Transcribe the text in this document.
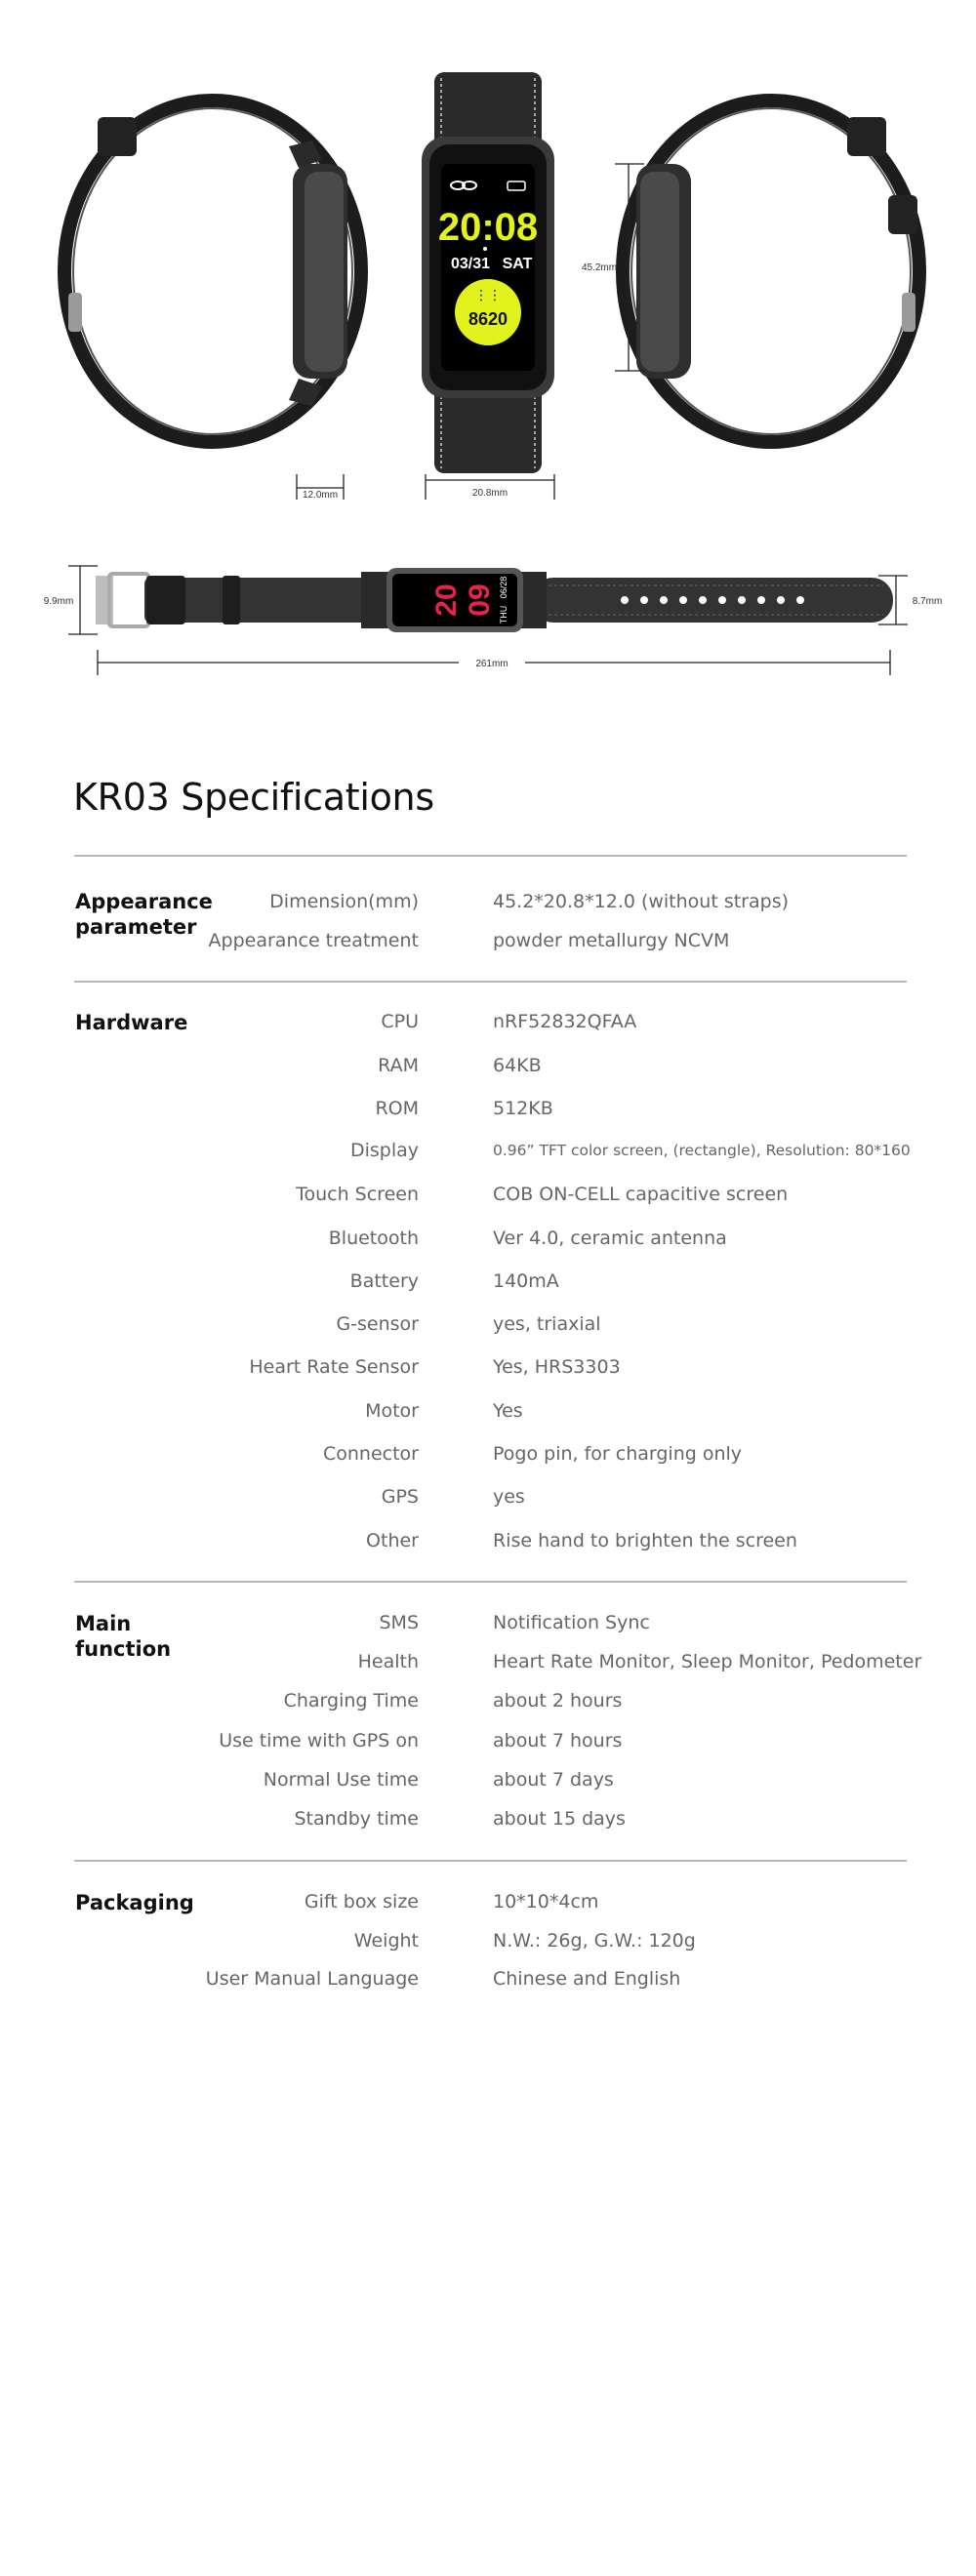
20:08
03/31 SAT
⋮⋮
8620
12.0mm	20.8mm
45.2mm
20 09 06/28
THU
9.9mm	8.7mm
261mm
KR03 Specifications
Appearance parameter
Dimension(mm)	45.2*20.8*12.0 (without straps)
Appearance treatment	powder metallurgy NCVM
Hardware	CPU	nRF52832QFAA
RAM	64KB
ROM	512KB
Display	0.96” TFT color screen, (rectangle), Resolution: 80*160
Touch Screen	COB ON-CELL capacitive screen
Bluetooth	Ver 4.0, ceramic antenna
Battery	140mA
G-sensor	yes, triaxial
Heart Rate Sensor	Yes, HRS3303
Motor	Yes
Connector	Pogo pin, for charging only
GPS	yes
Other	Rise hand to brighten the screen
Main function
SMS	Notification Sync
Health	Heart Rate Monitor, Sleep Monitor, Pedometer
Charging Time	about 2 hours
Use time with GPS on	about 7 hours
Normal Use time	about 7 days
Standby time	about 15 days
Packaging	Gift box size	10*10*4cm
Weight	N.W.: 26g, G.W.: 120g
User Manual Language	Chinese and English
